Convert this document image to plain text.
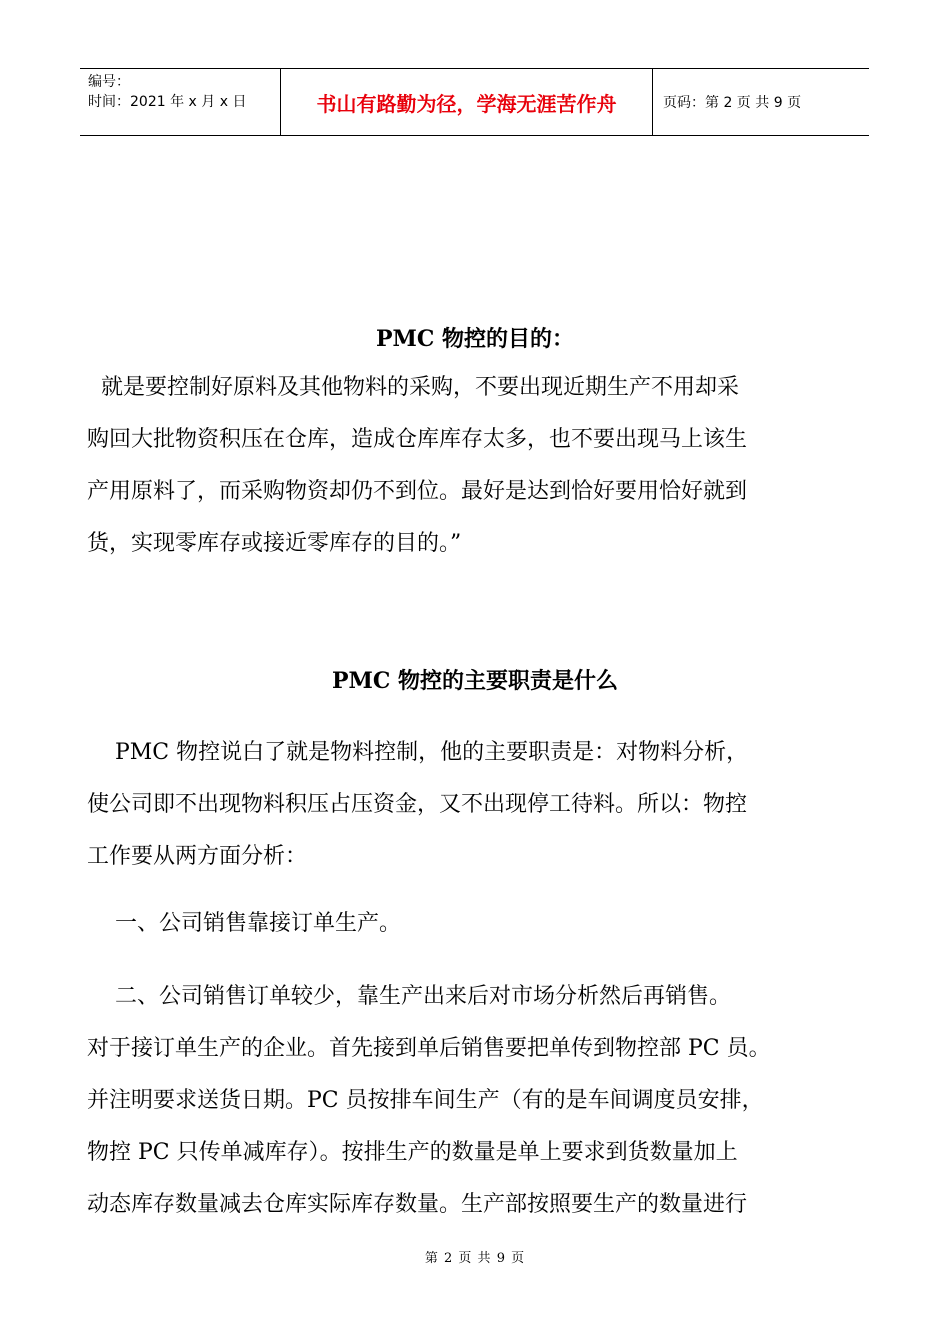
编号：
时间：2021 年 x 月 x 日	书山有路勤为径，学海无涯苦作舟	页码：第 2 页 共 9 页
PMC 物控的目的：
就是要控制好原料及其他物料的采购，不要出现近期生产不用却采
购回大批物资积压在仓库，造成仓库库存太多，也不要出现马上该生
产用原料了，而采购物资却仍不到位。最好是达到恰好要用恰好就到
货，实现零库存或接近零库存的目的。”
PMC 物控的主要职责是什么
PMC 物控说白了就是物料控制，他的主要职责是：对物料分析，
使公司即不出现物料积压占压资金，又不出现停工待料。所以：物控
工作要从两方面分析：
一、公司销售靠接订单生产。
二、公司销售订单较少，靠生产出来后对市场分析然后再销售。
对于接订单生产的企业。首先接到单后销售要把单传到物控部 PC 员。
并注明要求送货日期。PC 员按排车间生产（有的是车间调度员安排，
物控 PC 只传单减库存）。按排生产的数量是单上要求到货数量加上
动态库存数量减去仓库实际库存数量。生产部按照要生产的数量进行
第 2 页 共 9 页
